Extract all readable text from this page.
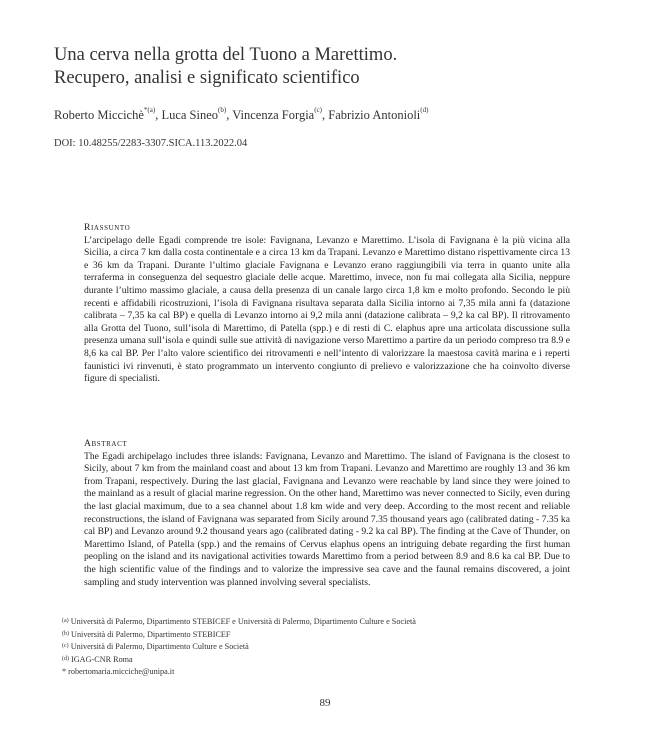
Una cerva nella grotta del Tuono a Marettimo.
Recupero, analisi e significato scientifico
Roberto Miccichè$^{*(a)}$, Luca Sineo$^{(b)}$, Vincenza Forgia$^{(c)}$, Fabrizio Antonioli$^{(d)}$
DOI: 10.48255/2283-3307.SICA.113.2022.04
Riassunto
L’arcipelago delle Egadi comprende tre isole: Favignana, Levanzo e Marettimo. L’isola di Favignana è la più vicina alla Sicilia, a circa 7 km dalla costa continentale e a circa 13 km da Trapani. Levanzo e Marettimo distano rispettivamente circa 13 e 36 km da Trapani. Durante l’ultimo glaciale Favignana e Levanzo erano raggiungibili via terra in quanto unite alla terraferma in conseguenza del sequestro glaciale delle acque. Marettimo, invece, non fu mai collegata alla Sicilia, neppure durante l’ultimo massimo glaciale, a causa della presenza di un canale largo circa 1,8 km e molto profondo. Secondo le più recenti e affidabili ricostruzioni, l’isola di Favignana risultava separata dalla Sicilia intorno ai 7,35 mila anni fa (datazione calibrata – 7,35 ka cal BP) e quella di Levanzo intorno ai 9,2 mila anni (datazione calibrata – 9,2 ka cal BP). Il ritrovamento alla Grotta del Tuono, sull’isola di Marettimo, di Patella (spp.) e di resti di C. elaphus apre una articolata discussione sulla presenza umana sull’isola e quindi sulle sue attività di navigazione verso Marettimo a partire da un periodo compreso tra 8.9 e 8,6 ka cal BP. Per l’alto valore scientifico dei ritrovamenti e nell’intento di valorizzare la maestosa cavità marina e i reperti faunistici ivi rinvenuti, è stato programmato un intervento congiunto di prelievo e valorizzazione che ha coinvolto diverse figure di specialisti.
Abstract
The Egadi archipelago includes three islands: Favignana, Levanzo and Marettimo. The island of Favignana is the closest to Sicily, about 7 km from the mainland coast and about 13 km from Trapani. Levanzo and Marettimo are roughly 13 and 36 km from Trapani, respectively. During the last glacial, Favignana and Levanzo were reachable by land since they were joined to the mainland as a result of glacial marine regression. On the other hand, Marettimo was never connected to Sicily, even during the last glacial maximum, due to a sea channel about 1.8 km wide and very deep. According to the most recent and reliable reconstructions, the island of Favignana was separated from Sicily around 7.35 thousand years ago (calibrated dating - 7.35 ka cal BP) and Levanzo around 9.2 thousand years ago (calibrated dating - 9.2 ka cal BP). The finding at the Cave of Thunder, on Marettimo Island, of Patella (spp.) and the remains of Cervus elaphus opens an intriguing debate regarding the first human peopling on the island and its navigational activities towards Marettimo from a period between 8.9 and 8.6 ka cal BP. Due to the high scientific value of the findings and to valorize the impressive sea cave and the faunal remains discovered, a joint sampling and study intervention was planned involving several specialists.
$^{(a)}$ Università di Palermo, Dipartimento STEBICEF e Università di Palermo, Dipartimento Culture e Società
$^{(b)}$ Università di Palermo, Dipartimento STEBICEF
$^{(c)}$ Università di Palermo, Dipartimento Culture e Società
$^{(d)}$ IGAG-CNR Roma
* robertomaria.micciche@unipa.it
89
